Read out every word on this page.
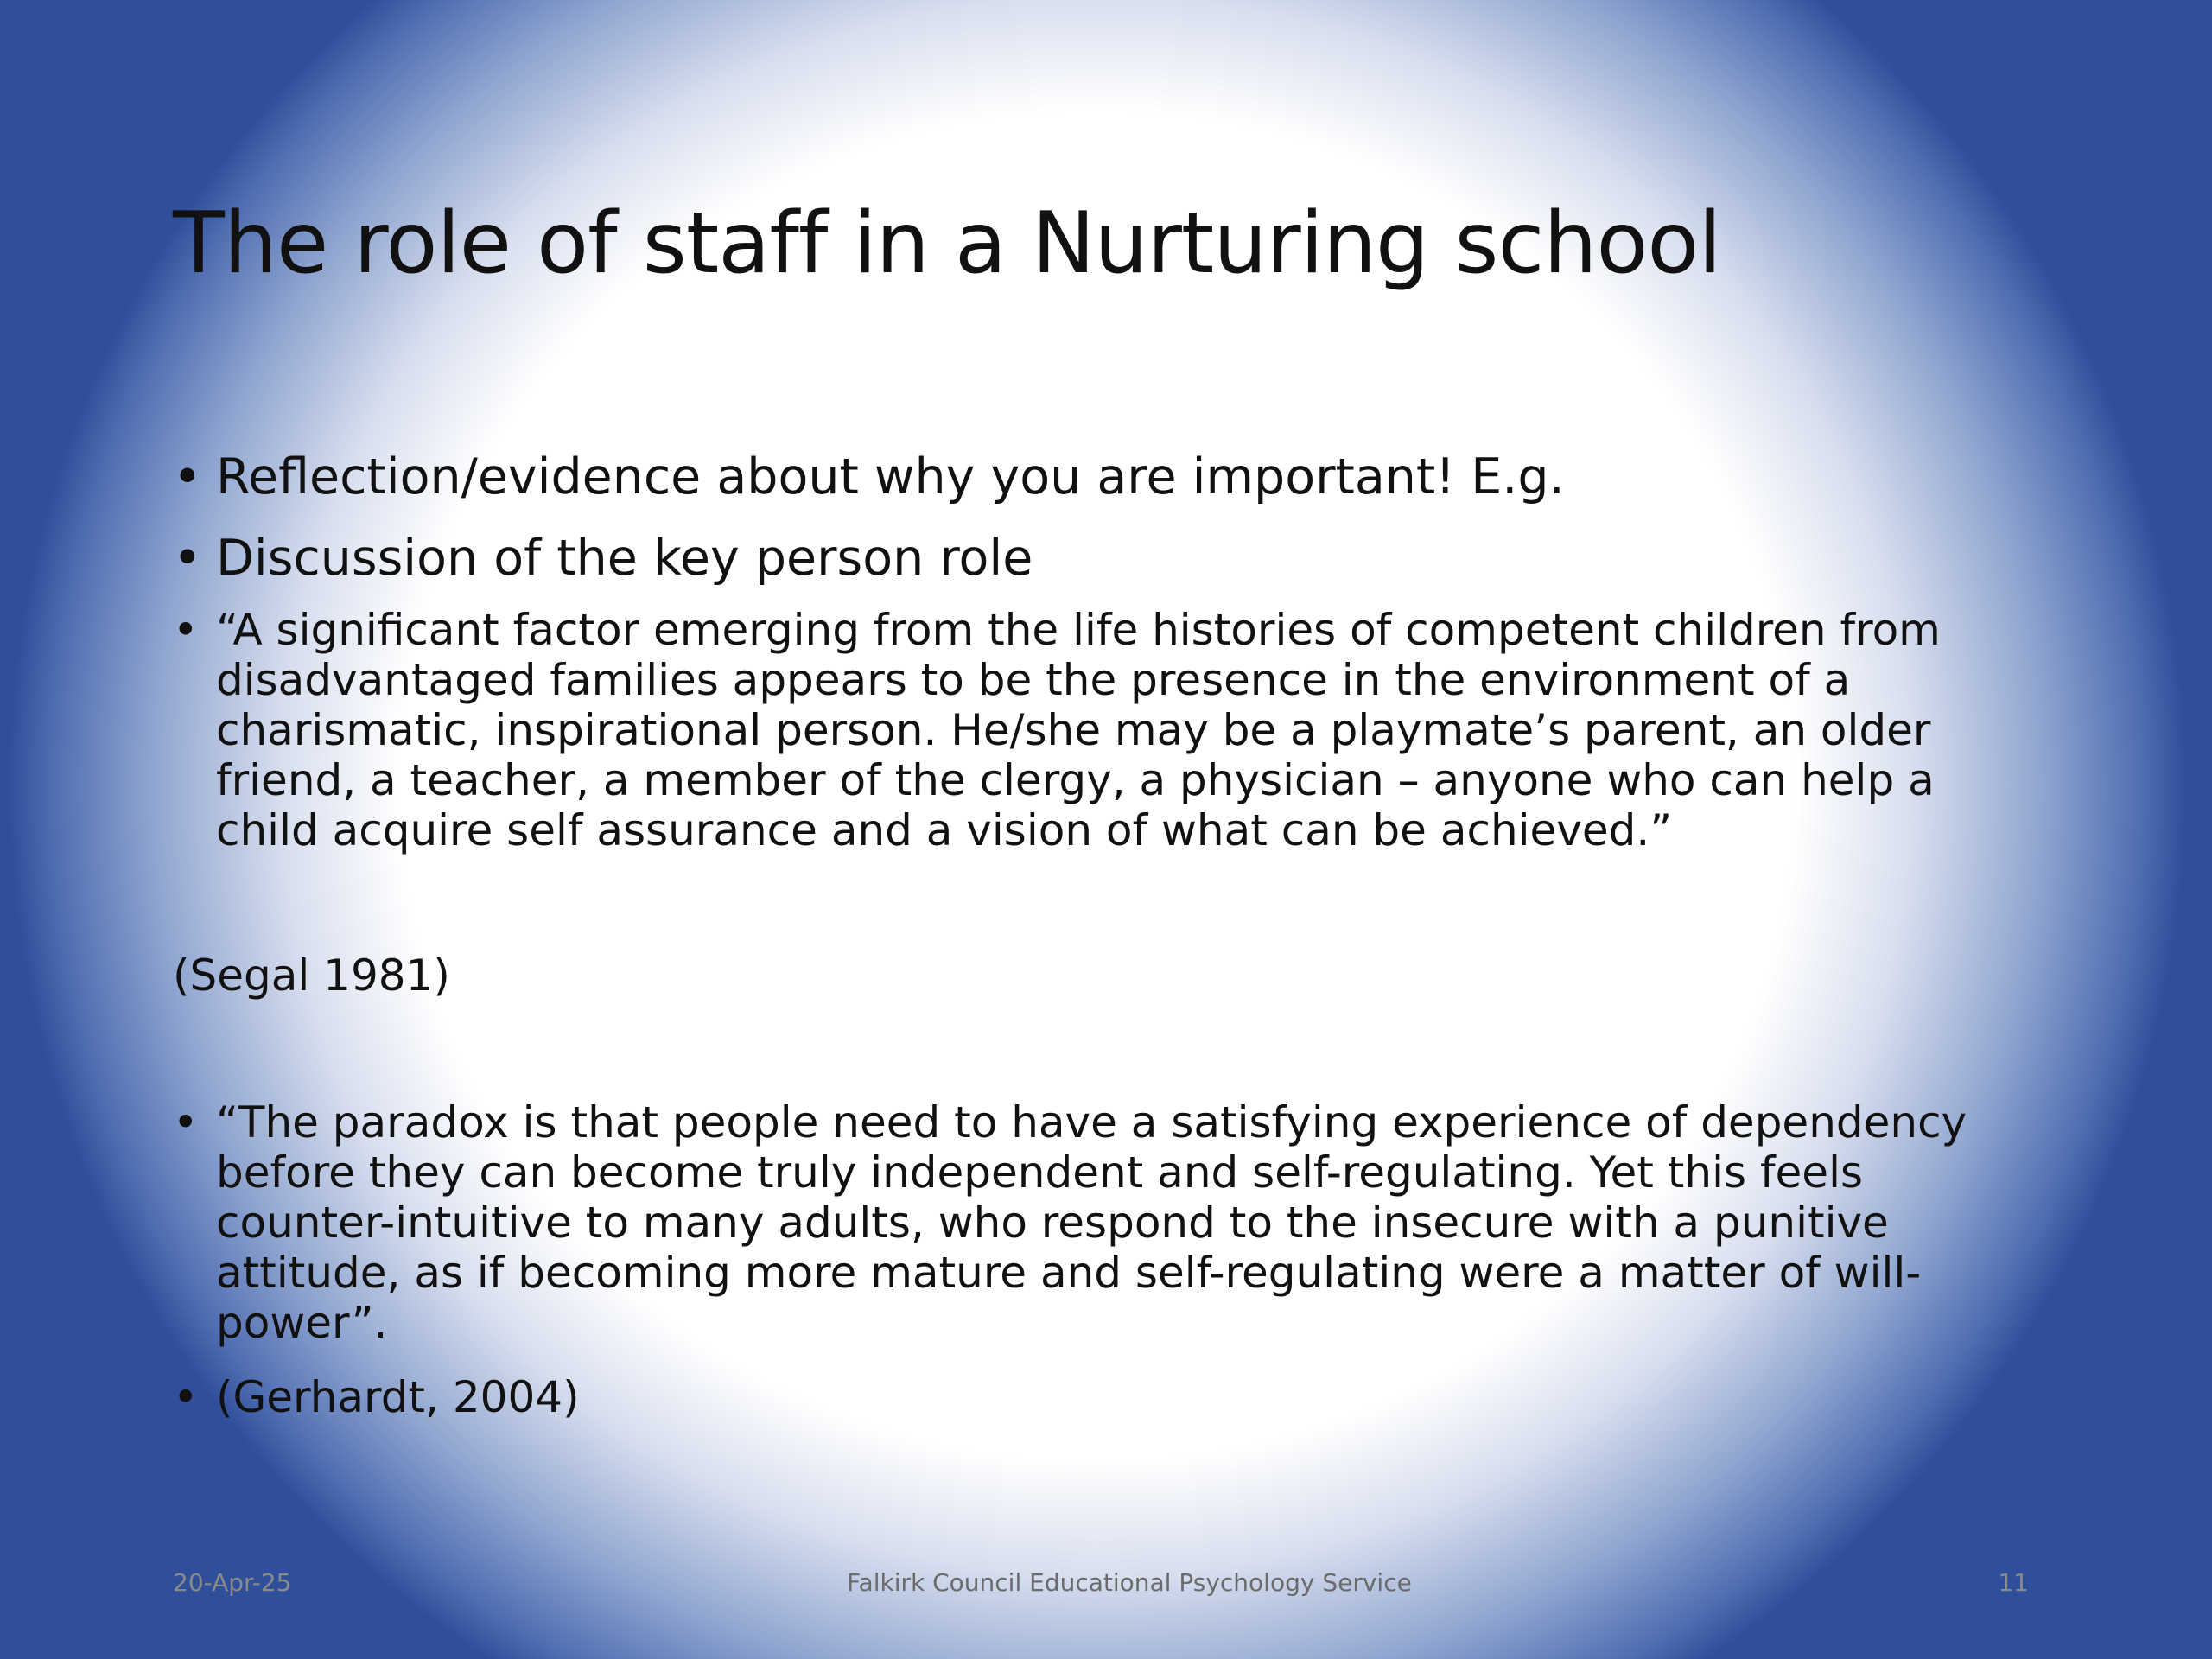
The role of staff in a Nurturing school

• Reflection/evidence about why you are important! E.g.

• Discussion of the key person role

• “A significant factor emerging from the life histories of competent children from disadvantaged families appears to be the presence in the environment of a charismatic, inspirational person. He/she may be a playmate’s parent, an older friend, a teacher, a member of the clergy, a physician – anyone who can help a child acquire self assurance and a vision of what can be achieved.”

(Segal 1981)

• “The paradox is that people need to have a satisfying experience of dependency before they can become truly independent and self-regulating. Yet this feels counter-intuitive to many adults, who respond to the insecure with a punitive attitude, as if becoming more mature and self-regulating were a matter of will-power”.

• (Gerhardt, 2004)

20-Apr-25	Falkirk Council Educational Psychology Service	11
